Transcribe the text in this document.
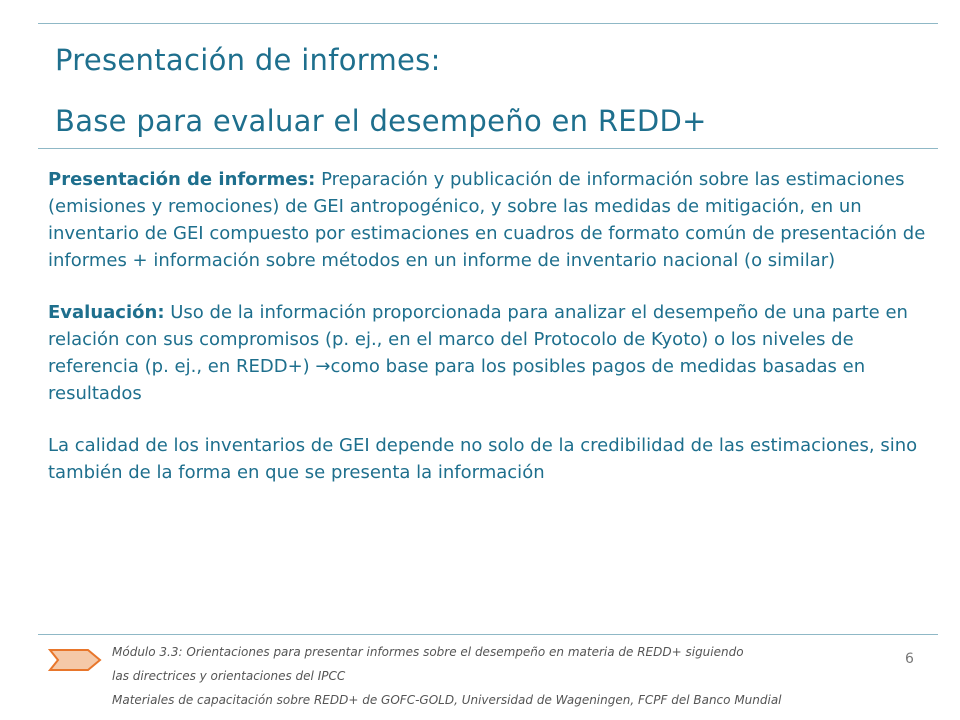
Presentación de informes:
Base para evaluar el desempeño en REDD+

Presentación de informes: Preparación y publicación de información sobre las estimaciones (emisiones y remociones) de GEI antropogénico, y sobre las medidas de mitigación, en un inventario de GEI compuesto por estimaciones en cuadros de formato común de presentación de informes + información sobre métodos en un informe de inventario nacional (o similar)

Evaluación: Uso de la información proporcionada para analizar el desempeño de una parte en relación con sus compromisos (p. ej., en el marco del Protocolo de Kyoto) o los niveles de referencia (p. ej., en REDD+) →como base para los posibles pagos de medidas basadas en resultados

La calidad de los inventarios de GEI depende no solo de la credibilidad de las estimaciones, sino también de la forma en que se presenta la información

Módulo 3.3: Orientaciones para presentar informes sobre el desempeño en materia de REDD+ siguiendo
las directrices y orientaciones del IPCC
Materiales de capacitación sobre REDD+ de GOFC-GOLD, Universidad de Wageningen, FCPF del Banco Mundial
6
